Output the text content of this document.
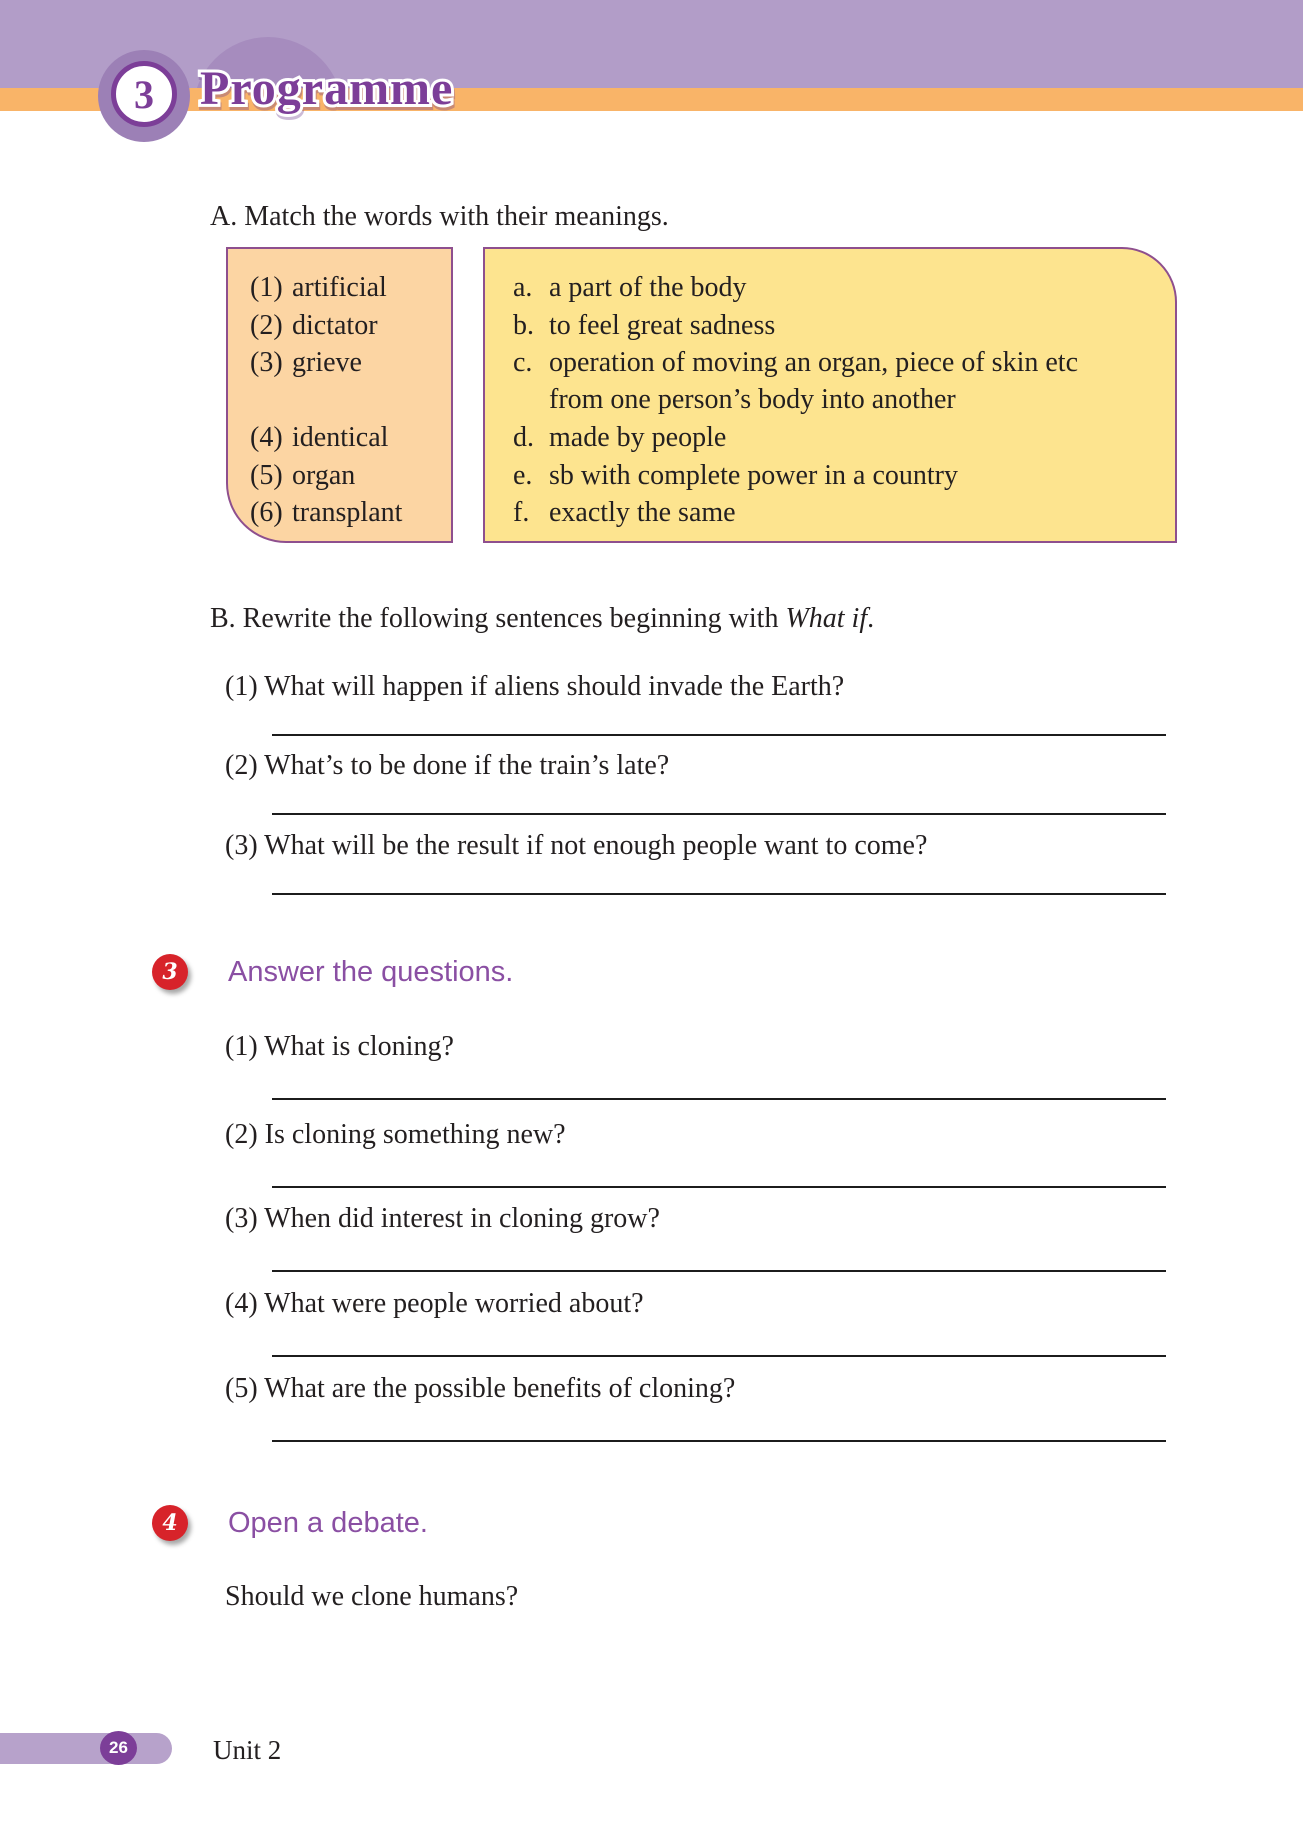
3 Programme
A. Match the words with their meanings.
(1) artificial
(2) dictator
(3) grieve
(4) identical
(5) organ
(6) transplant
a. a part of the body
b. to feel great sadness
c. operation of moving an organ, piece of skin etc
from one person’s body into another
d. made by people
e. sb with complete power in a country
f. exactly the same
B. Rewrite the following sentences beginning with What if.
(1) What will happen if aliens should invade the Earth?
(2) What’s to be done if the train’s late?
(3) What will be the result if not enough people want to come?
3 Answer the questions.
(1) What is cloning?
(2) Is cloning something new?
(3) When did interest in cloning grow?
(4) What were people worried about?
(5) What are the possible benefits of cloning?
4 Open a debate.
Should we clone humans?
26	Unit 2
